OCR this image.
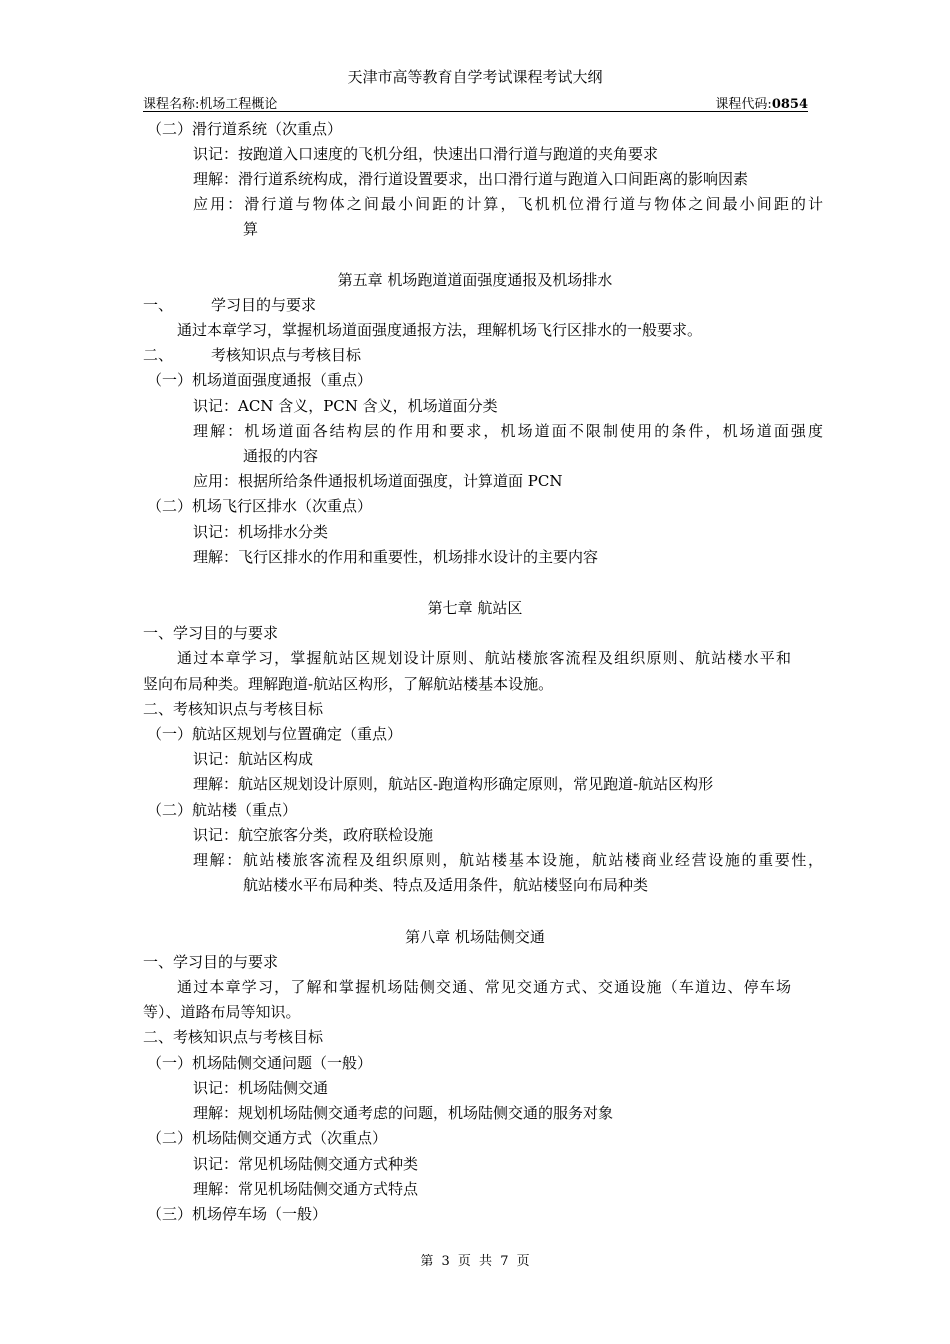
天津市高等教育自学考试课程考试大纲
课程名称:机场工程概论	课程代码:0854
（二）滑行道系统（次重点）
识记：按跑道入口速度的飞机分组，快速出口滑行道与跑道的夹角要求
理解：滑行道系统构成，滑行道设置要求，出口滑行道与跑道入口间距离的影响因素
应用：滑行道与物体之间最小间距的计算，飞机机位滑行道与物体之间最小间距的计
算
第五章 机场跑道道面强度通报及机场排水
一、	学习目的与要求
通过本章学习，掌握机场道面强度通报方法，理解机场飞行区排水的一般要求。
二、	考核知识点与考核目标
（一）机场道面强度通报（重点）
识记：ACN 含义，PCN 含义，机场道面分类
理解：机场道面各结构层的作用和要求，机场道面不限制使用的条件，机场道面强度
通报的内容
应用：根据所给条件通报机场道面强度，计算道面 PCN
（二）机场飞行区排水（次重点）
识记：机场排水分类
理解：飞行区排水的作用和重要性，机场排水设计的主要内容
第七章 航站区
一、学习目的与要求
通过本章学习，掌握航站区规划设计原则、航站楼旅客流程及组织原则、航站楼水平和
竖向布局种类。理解跑道-航站区构形，了解航站楼基本设施。
二、考核知识点与考核目标
（一）航站区规划与位置确定（重点）
识记：航站区构成
理解：航站区规划设计原则，航站区-跑道构形确定原则，常见跑道-航站区构形
（二）航站楼（重点）
识记：航空旅客分类，政府联检设施
理解：航站楼旅客流程及组织原则，航站楼基本设施，航站楼商业经营设施的重要性，
航站楼水平布局种类、特点及适用条件，航站楼竖向布局种类
第八章 机场陆侧交通
一、学习目的与要求
通过本章学习，了解和掌握机场陆侧交通、常见交通方式、交通设施（车道边、停车场
等）、道路布局等知识。
二、考核知识点与考核目标
（一）机场陆侧交通问题（一般）
识记：机场陆侧交通
理解：规划机场陆侧交通考虑的问题，机场陆侧交通的服务对象
（二）机场陆侧交通方式（次重点）
识记：常见机场陆侧交通方式种类
理解：常见机场陆侧交通方式特点
（三）机场停车场（一般）
第 3 页 共 7 页
